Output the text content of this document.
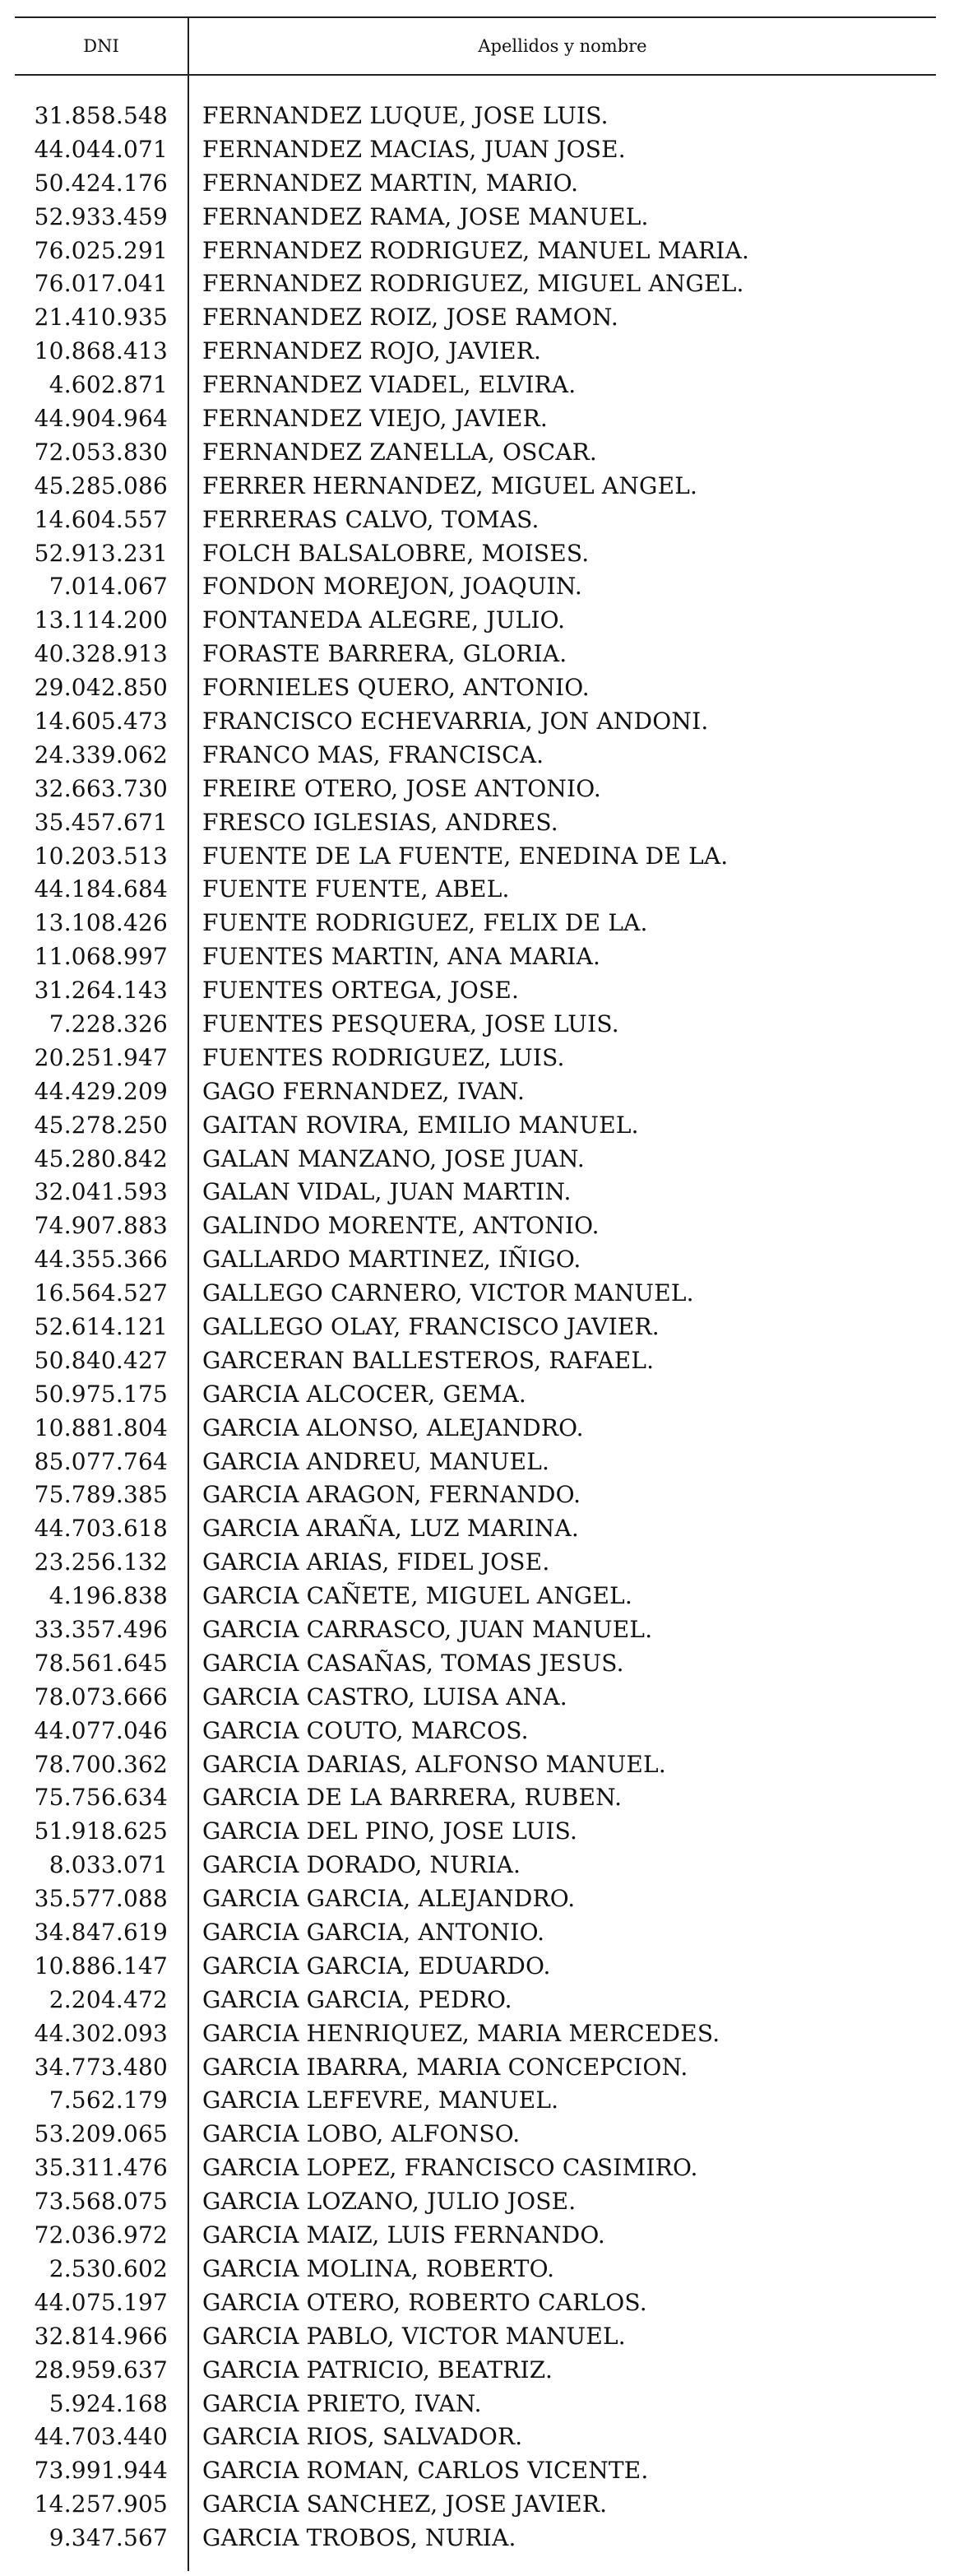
DNI	Apellidos y nombre
31.858.548	FERNANDEZ LUQUE, JOSE LUIS.
44.044.071	FERNANDEZ MACIAS, JUAN JOSE.
50.424.176	FERNANDEZ MARTIN, MARIO.
52.933.459	FERNANDEZ RAMA, JOSE MANUEL.
76.025.291	FERNANDEZ RODRIGUEZ, MANUEL MARIA.
76.017.041	FERNANDEZ RODRIGUEZ, MIGUEL ANGEL.
21.410.935	FERNANDEZ ROIZ, JOSE RAMON.
10.868.413	FERNANDEZ ROJO, JAVIER.
4.602.871	FERNANDEZ VIADEL, ELVIRA.
44.904.964	FERNANDEZ VIEJO, JAVIER.
72.053.830	FERNANDEZ ZANELLA, OSCAR.
45.285.086	FERRER HERNANDEZ, MIGUEL ANGEL.
14.604.557	FERRERAS CALVO, TOMAS.
52.913.231	FOLCH BALSALOBRE, MOISES.
7.014.067	FONDON MOREJON, JOAQUIN.
13.114.200	FONTANEDA ALEGRE, JULIO.
40.328.913	FORASTE BARRERA, GLORIA.
29.042.850	FORNIELES QUERO, ANTONIO.
14.605.473	FRANCISCO ECHEVARRIA, JON ANDONI.
24.339.062	FRANCO MAS, FRANCISCA.
32.663.730	FREIRE OTERO, JOSE ANTONIO.
35.457.671	FRESCO IGLESIAS, ANDRES.
10.203.513	FUENTE DE LA FUENTE, ENEDINA DE LA.
44.184.684	FUENTE FUENTE, ABEL.
13.108.426	FUENTE RODRIGUEZ, FELIX DE LA.
11.068.997	FUENTES MARTIN, ANA MARIA.
31.264.143	FUENTES ORTEGA, JOSE.
7.228.326	FUENTES PESQUERA, JOSE LUIS.
20.251.947	FUENTES RODRIGUEZ, LUIS.
44.429.209	GAGO FERNANDEZ, IVAN.
45.278.250	GAITAN ROVIRA, EMILIO MANUEL.
45.280.842	GALAN MANZANO, JOSE JUAN.
32.041.593	GALAN VIDAL, JUAN MARTIN.
74.907.883	GALINDO MORENTE, ANTONIO.
44.355.366	GALLARDO MARTINEZ, IÑIGO.
16.564.527	GALLEGO CARNERO, VICTOR MANUEL.
52.614.121	GALLEGO OLAY, FRANCISCO JAVIER.
50.840.427	GARCERAN BALLESTEROS, RAFAEL.
50.975.175	GARCIA ALCOCER, GEMA.
10.881.804	GARCIA ALONSO, ALEJANDRO.
85.077.764	GARCIA ANDREU, MANUEL.
75.789.385	GARCIA ARAGON, FERNANDO.
44.703.618	GARCIA ARAÑA, LUZ MARINA.
23.256.132	GARCIA ARIAS, FIDEL JOSE.
4.196.838	GARCIA CAÑETE, MIGUEL ANGEL.
33.357.496	GARCIA CARRASCO, JUAN MANUEL.
78.561.645	GARCIA CASAÑAS, TOMAS JESUS.
78.073.666	GARCIA CASTRO, LUISA ANA.
44.077.046	GARCIA COUTO, MARCOS.
78.700.362	GARCIA DARIAS, ALFONSO MANUEL.
75.756.634	GARCIA DE LA BARRERA, RUBEN.
51.918.625	GARCIA DEL PINO, JOSE LUIS.
8.033.071	GARCIA DORADO, NURIA.
35.577.088	GARCIA GARCIA, ALEJANDRO.
34.847.619	GARCIA GARCIA, ANTONIO.
10.886.147	GARCIA GARCIA, EDUARDO.
2.204.472	GARCIA GARCIA, PEDRO.
44.302.093	GARCIA HENRIQUEZ, MARIA MERCEDES.
34.773.480	GARCIA IBARRA, MARIA CONCEPCION.
7.562.179	GARCIA LEFEVRE, MANUEL.
53.209.065	GARCIA LOBO, ALFONSO.
35.311.476	GARCIA LOPEZ, FRANCISCO CASIMIRO.
73.568.075	GARCIA LOZANO, JULIO JOSE.
72.036.972	GARCIA MAIZ, LUIS FERNANDO.
2.530.602	GARCIA MOLINA, ROBERTO.
44.075.197	GARCIA OTERO, ROBERTO CARLOS.
32.814.966	GARCIA PABLO, VICTOR MANUEL.
28.959.637	GARCIA PATRICIO, BEATRIZ.
5.924.168	GARCIA PRIETO, IVAN.
44.703.440	GARCIA RIOS, SALVADOR.
73.991.944	GARCIA ROMAN, CARLOS VICENTE.
14.257.905	GARCIA SANCHEZ, JOSE JAVIER.
9.347.567	GARCIA TROBOS, NURIA.
